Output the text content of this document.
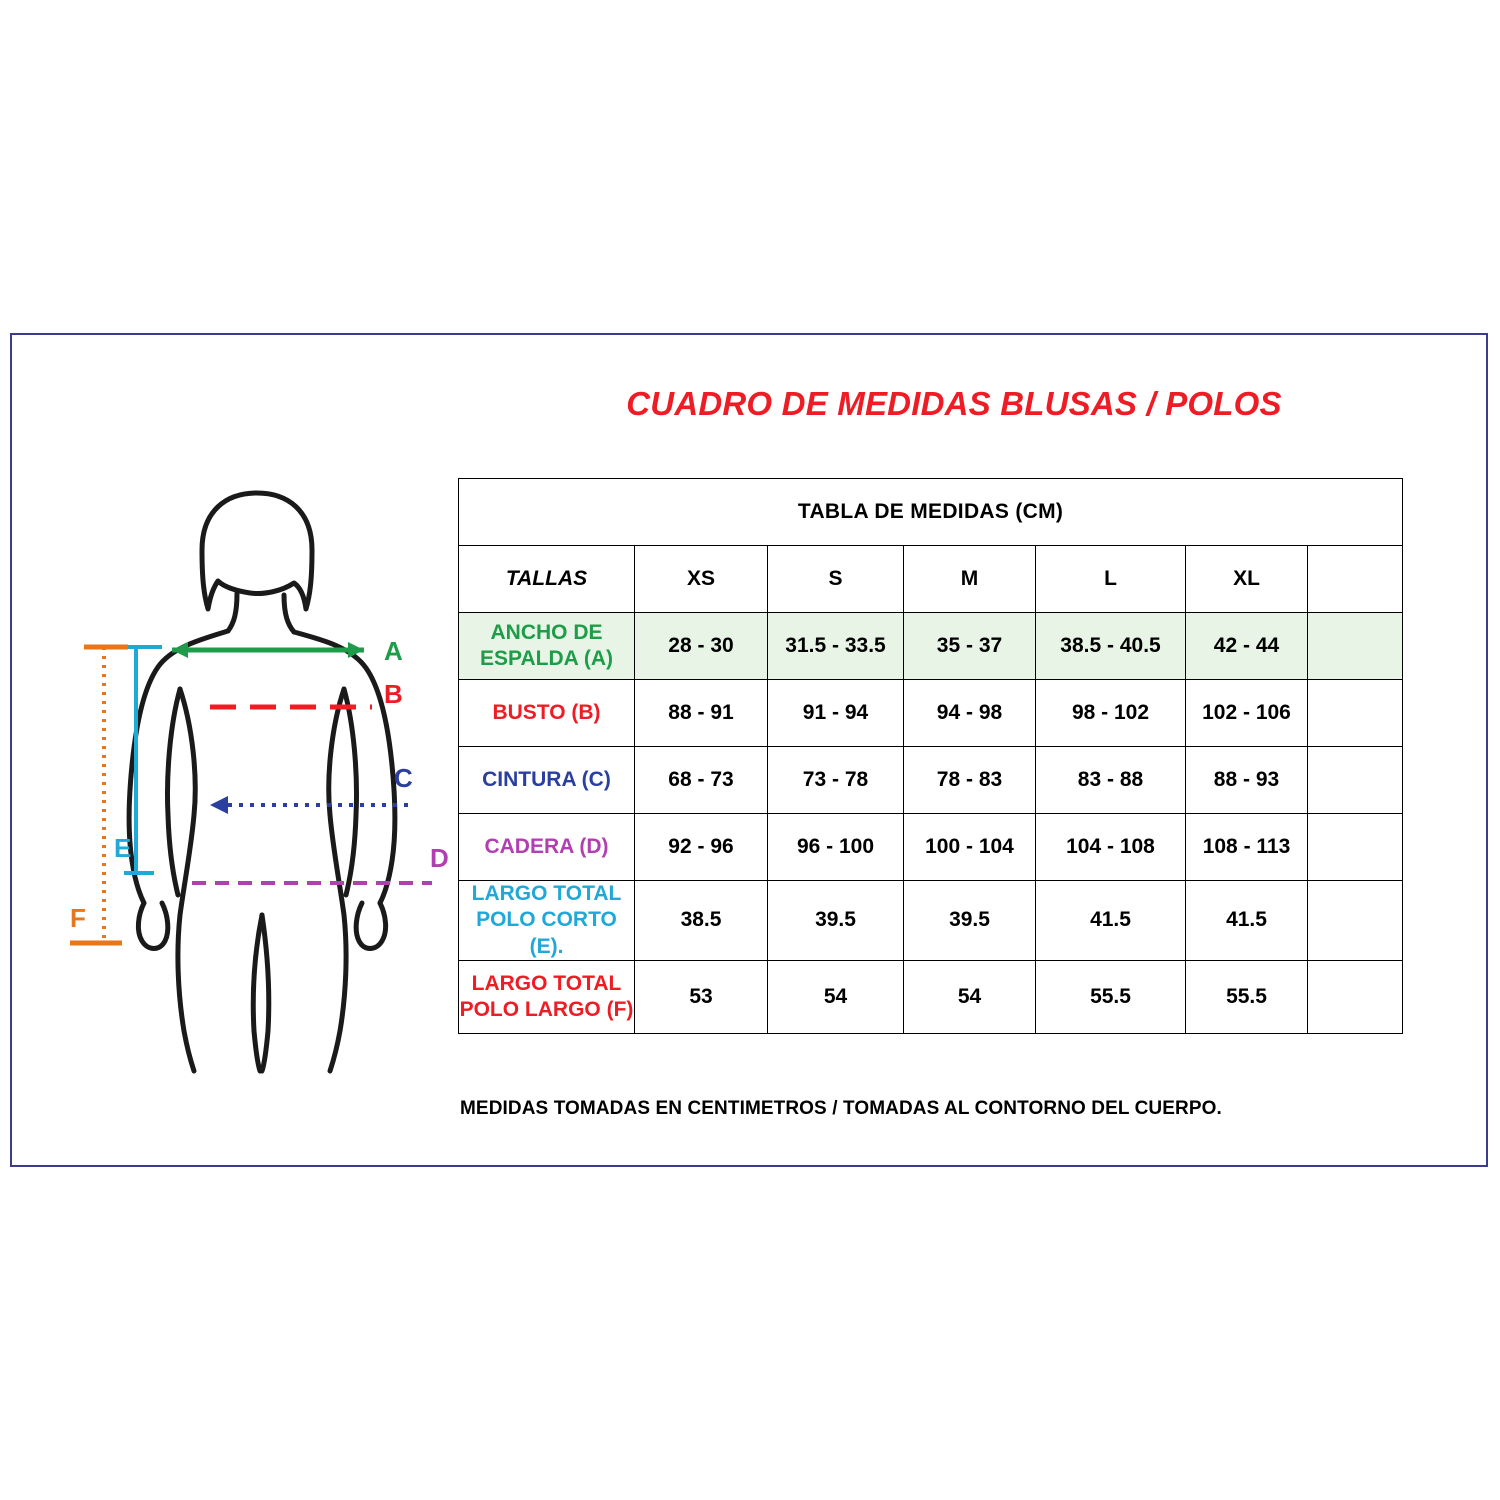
CUADRO DE MEDIDAS BLUSAS / POLOS
A
B
C
D
E
F
TABLA DE MEDIDAS (CM)						
TALLAS	XS	S	M	L	XL	
ANCHO DE ESPALDA (A)	28 - 30	31.5 - 33.5	35 - 37	38.5 - 40.5	42 - 44	
BUSTO (B)	88 - 91	91 - 94	94 - 98	98 - 102	102 - 106	
CINTURA (C)	68 - 73	73 - 78	78 - 83	83 - 88	88 - 93	
CADERA (D)	92 - 96	96 - 100	100 - 104	104 - 108	108 - 113	
LARGO TOTAL POLO CORTO (E).	38.5	39.5	39.5	41.5	41.5	
LARGO TOTAL POLO LARGO (F)	53	54	54	55.5	55.5	
MEDIDAS TOMADAS EN CENTIMETROS / TOMADAS AL CONTORNO DEL CUERPO.
